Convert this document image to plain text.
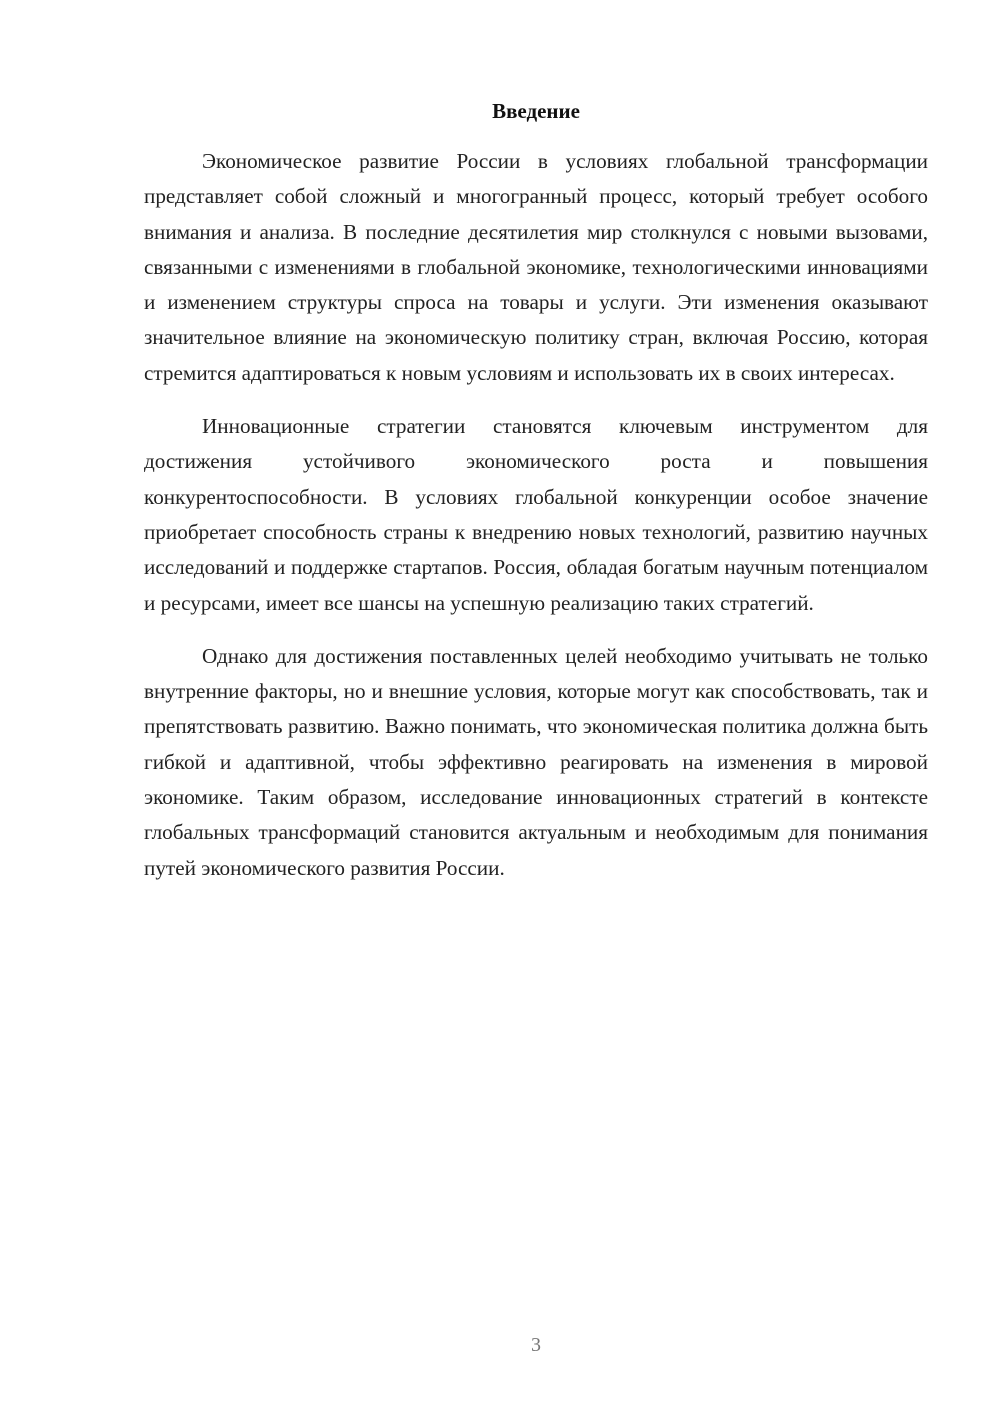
Введение

Экономическое развитие России в условиях глобальной трансформации представляет собой сложный и многогранный процесс, который требует особого внимания и анализа. В последние десятилетия мир столкнулся с новыми вызовами, связанными с изменениями в глобальной экономике, технологическими инновациями и изменением структуры спроса на товары и услуги. Эти изменения оказывают значительное влияние на экономическую политику стран, включая Россию, которая стремится адаптироваться к новым условиям и использовать их в своих интересах.

Инновационные стратегии становятся ключевым инструментом для достижения устойчивого экономического роста и повышения конкурентоспособности. В условиях глобальной конкуренции особое значение приобретает способность страны к внедрению новых технологий, развитию научных исследований и поддержке стартапов. Россия, обладая богатым научным потенциалом и ресурсами, имеет все шансы на успешную реализацию таких стратегий.

Однако для достижения поставленных целей необходимо учитывать не только внутренние факторы, но и внешние условия, которые могут как способствовать, так и препятствовать развитию. Важно понимать, что экономическая политика должна быть гибкой и адаптивной, чтобы эффективно реагировать на изменения в мировой экономике. Таким образом, исследование инновационных стратегий в контексте глобальных трансформаций становится актуальным и необходимым для понимания путей экономического развития России.

3
